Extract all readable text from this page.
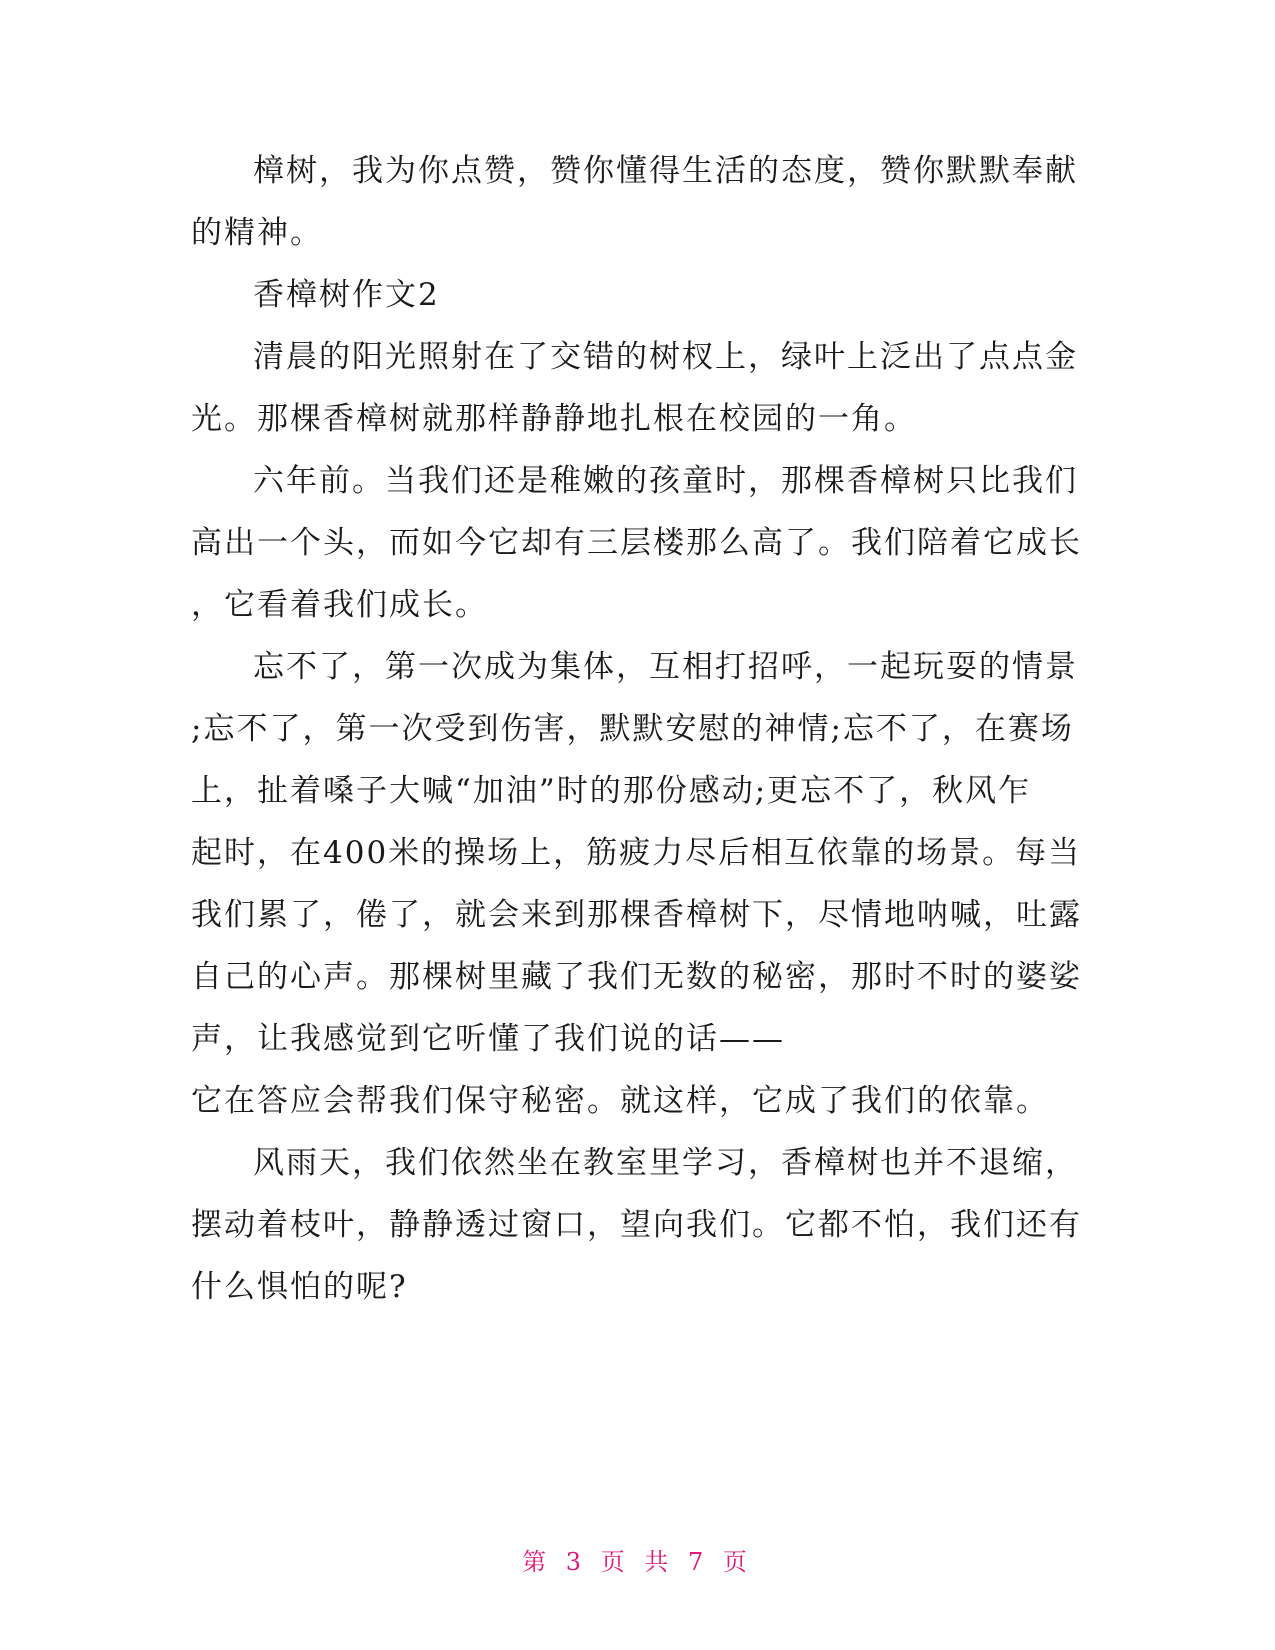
樟树，我为你点赞，赞你懂得生活的态度，赞你默默奉献

的精神。

香樟树作文2

清晨的阳光照射在了交错的树杈上，绿叶上泛出了点点金

光。那棵香樟树就那样静静地扎根在校园的一角。

六年前。当我们还是稚嫩的孩童时，那棵香樟树只比我们

高出一个头，而如今它却有三层楼那么高了。我们陪着它成长

，它看着我们成长。

忘不了，第一次成为集体，互相打招呼，一起玩耍的情景

;忘不了，第一次受到伤害，默默安慰的神情;忘不了，在赛场

上，扯着嗓子大喊“加油”时的那份感动;更忘不了，秋风乍

起时，在400米的操场上，筋疲力尽后相互依靠的场景。每当

我们累了，倦了，就会来到那棵香樟树下，尽情地呐喊，吐露

自己的心声。那棵树里藏了我们无数的秘密，那时不时的婆娑

声，让我感觉到它听懂了我们说的话——

它在答应会帮我们保守秘密。就这样，它成了我们的依靠。

风雨天，我们依然坐在教室里学习，香樟树也并不退缩，

摆动着枝叶，静静透过窗口，望向我们。它都不怕，我们还有

什么惧怕的呢?

第 3 页 共 7 页
